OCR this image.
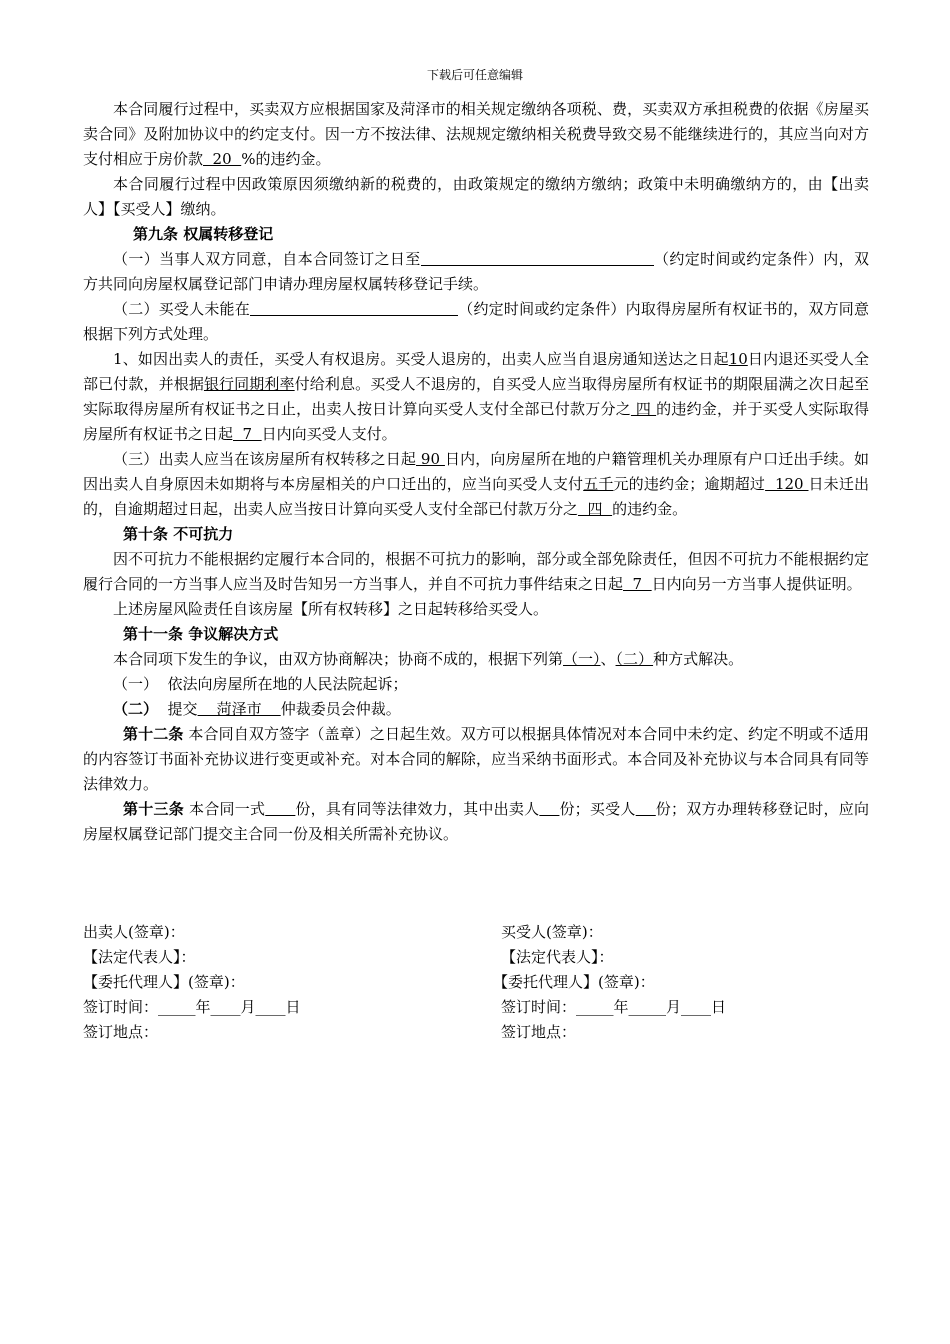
下载后可任意编辑

本合同履行过程中，买卖双方应根据国家及菏泽市的相关规定缴纳各项税、费，买卖双方承担税费的依据《房屋买卖合同》及附加协议中的约定支付。因一方不按法律、法规规定缴纳相关税费导致交易不能继续进行的，其应当向对方支付相应于房价款  20  %的违约金。

本合同履行过程中因政策原因须缴纳新的税费的，由政策规定的缴纳方缴纳；政策中未明确缴纳方的，由【出卖人】【买受人】缴纳。

第九条 权属转移登记

（一）当事人双方同意，自本合同签订之日至	（约定时间或约定条件）内，双方共同向房屋权属登记部门申请办理房屋权属转移登记手续。

（二）买受人未能在	（约定时间或约定条件）内取得房屋所有权证书的，双方同意根据下列方式处理。

1、如因出卖人的责任，买受人有权退房。买受人退房的，出卖人应当自退房通知送达之日起10日内退还买受人全部已付款，并根据银行同期利率付给利息。买受人不退房的，自买受人应当取得房屋所有权证书的期限届满之次日起至实际取得房屋所有权证书之日止，出卖人按日计算向买受人支付全部已付款万分之 四 的违约金，并于买受人实际取得房屋所有权证书之日起  7  日内向买受人支付。

（三）出卖人应当在该房屋所有权转移之日起 90 日内，向房屋所在地的户籍管理机关办理原有户口迁出手续。如因出卖人自身原因未如期将与本房屋相关的户口迁出的，应当向买受人支付五千元的违约金；逾期超过  120 日未迁出的，自逾期超过日起，出卖人应当按日计算向买受人支付全部已付款万分之  四  的违约金。

第十条 不可抗力

因不可抗力不能根据约定履行本合同的，根据不可抗力的影响，部分或全部免除责任，但因不可抗力不能根据约定履行合同的一方当事人应当及时告知另一方当事人，并自不可抗力事件结束之日起  7  日内向另一方当事人提供证明。

上述房屋风险责任自该房屋【所有权转移】之日起转移给买受人。

第十一条 争议解决方式

本合同项下发生的争议，由双方协商解决；协商不成的，根据下列第（一）、（二）种方式解决。

（一）  依法向房屋所在地的人民法院起诉；

（二）  提交    菏泽市    仲裁委员会仲裁。

第十二条 本合同自双方签字（盖章）之日起生效。双方可以根据具体情况对本合同中未约定、约定不明或不适用的内容签订书面补充协议进行变更或补充。对本合同的解除，应当采纳书面形式。本合同及补充协议与本合同具有同等法律效力。

第十三条 本合同一式 份，具有同等法律效力，其中出卖人 份；买受人 份；双方办理转移登记时，应向房屋权属登记部门提交主合同一份及相关所需补充协议。

出卖人(签章)：
【法定代表人】：
【委托代理人】(签章)：
签订时间：_____年____月____日
签订地点：
买受人(签章)：
【法定代表人】：
【委托代理人】(签章)：
签订时间：_____年_____月____日
签订地点：
